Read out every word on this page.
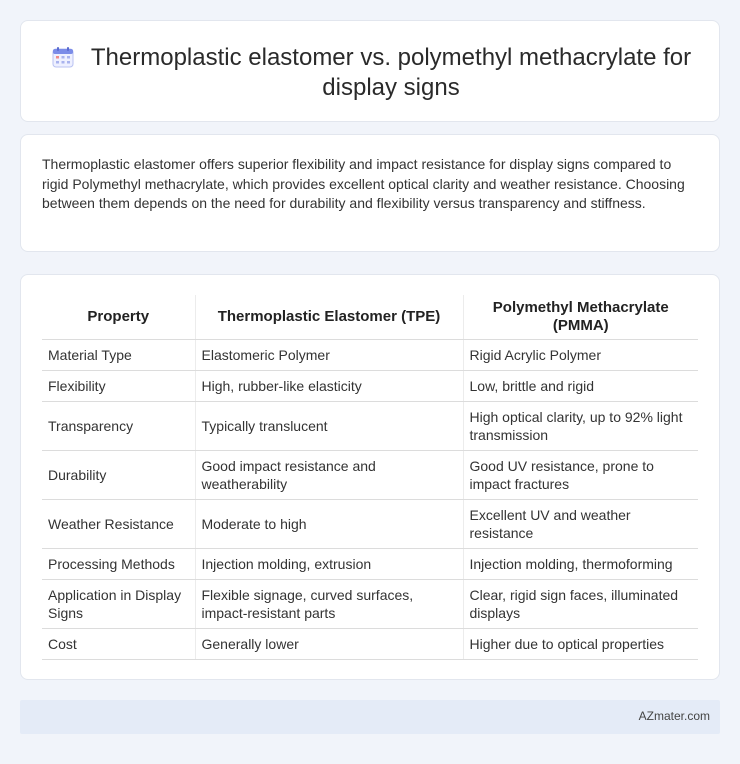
Thermoplastic elastomer vs. polymethyl methacrylate for display signs

Thermoplastic elastomer offers superior flexibility and impact resistance for display signs compared to rigid Polymethyl methacrylate, which provides excellent optical clarity and weather resistance. Choosing between them depends on the need for durability and flexibility versus transparency and stiffness.

Property	Thermoplastic Elastomer (TPE)	Polymethyl Methacrylate (PMMA)
Material Type	Elastomeric Polymer	Rigid Acrylic Polymer
Flexibility	High, rubber-like elasticity	Low, brittle and rigid
Transparency	Typically translucent	High optical clarity, up to 92% light transmission
Durability	Good impact resistance and weatherability	Good UV resistance, prone to impact fractures
Weather Resistance	Moderate to high	Excellent UV and weather resistance
Processing Methods	Injection molding, extrusion	Injection molding, thermoforming
Application in Display Signs	Flexible signage, curved surfaces, impact-resistant parts	Clear, rigid sign faces, illuminated displays
Cost	Generally lower	Higher due to optical properties
AZmater.com
